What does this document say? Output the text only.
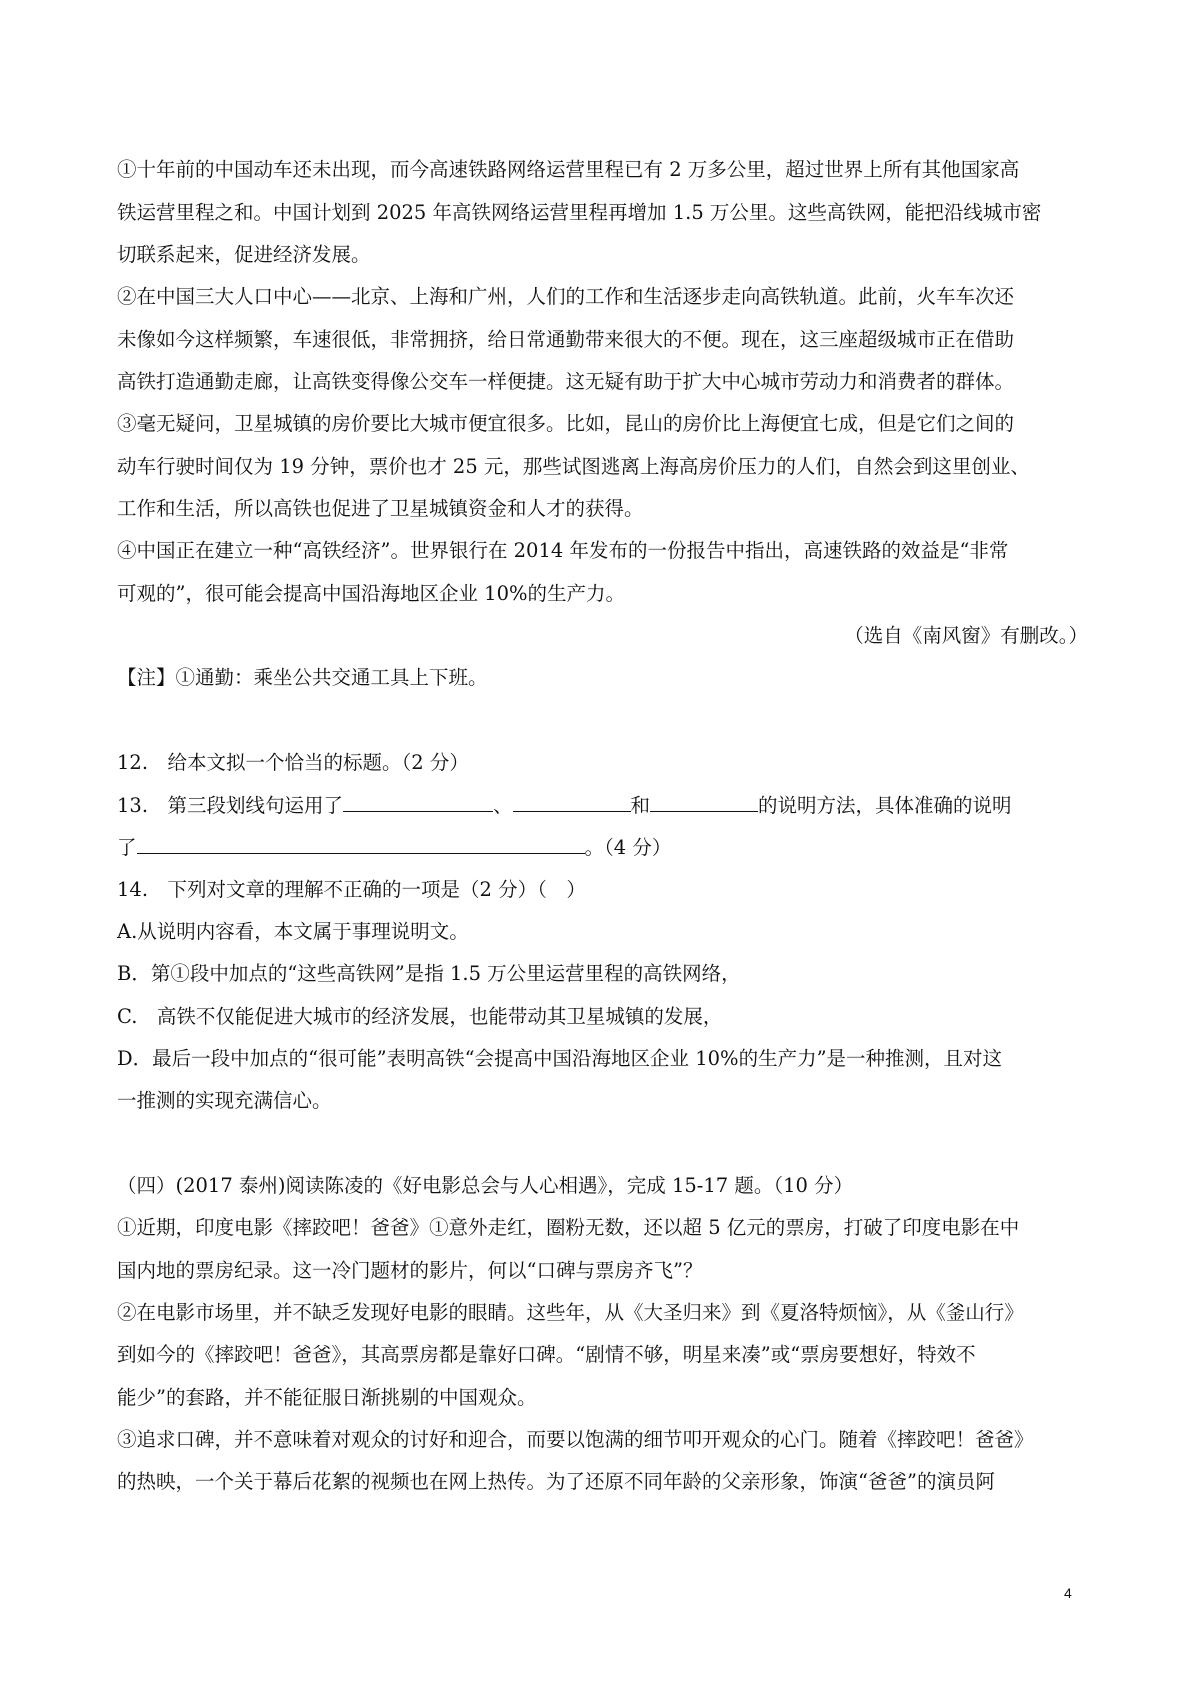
①十年前的中国动车还未出现，而今高速铁路网络运营里程已有 2 万多公里，超过世界上所有其他国家高
铁运营里程之和。中国计划到 2025 年高铁网络运营里程再增加 1.5 万公里。这些高铁网，能把沿线城市密
切联系起来，促进经济发展。
②在中国三大人口中心——北京、上海和广州，人们的工作和生活逐步走向高铁轨道。此前，火车车次还
未像如今这样频繁，车速很低，非常拥挤，给日常通勤带来很大的不便。现在，这三座超级城市正在借助
高铁打造通勤走廊，让高铁变得像公交车一样便捷。这无疑有助于扩大中心城市劳动力和消费者的群体。
③毫无疑问，卫星城镇的房价要比大城市便宜很多。比如，昆山的房价比上海便宜七成，但是它们之间的
动车行驶时间仅为 19 分钟，票价也才 25 元，那些试图逃离上海高房价压力的人们，自然会到这里创业、
工作和生活，所以高铁也促进了卫星城镇资金和人才的获得。
④中国正在建立一种“高铁经济”。世界银行在 2014 年发布的一份报告中指出，高速铁路的效益是“非常
可观的”，很可能会提高中国沿海地区企业 10%的生产力。
（选自《南风窗》有删改。）
【注】①通勤：乘坐公共交通工具上下班。
12.　给本文拟一个恰当的标题。（2 分）
13.　第三段划线句运用了	、	和	的说明方法，具体准确的说明
了	。（4 分）
14.　下列对文章的理解不正确的一项是（2 分）（　）
A.从说明内容看，本文属于事理说明文。
B．第①段中加点的“这些高铁网”是指 1.5 万公里运营里程的高铁网络，
C.　高铁不仅能促进大城市的经济发展，也能带动其卫星城镇的发展，
D．最后一段中加点的“很可能”表明高铁“会提高中国沿海地区企业 10%的生产力”是一种推测，且对这
一推测的实现充满信心。
（四）(2017 泰州)阅读陈凌的《好电影总会与人心相遇》，完成 15-17 题。（10 分）
①近期，印度电影《摔跤吧！爸爸》①意外走红，圈粉无数，还以超 5 亿元的票房，打破了印度电影在中
国内地的票房纪录。这一冷门题材的影片，何以“口碑与票房齐飞”？
②在电影市场里，并不缺乏发现好电影的眼睛。这些年，从《大圣归来》到《夏洛特烦恼》，从《釜山行》
到如今的《摔跤吧！爸爸》，其高票房都是靠好口碑。“剧情不够，明星来凑”或“票房要想好，特效不
能少”的套路，并不能征服日渐挑剔的中国观众。
③追求口碑，并不意味着对观众的讨好和迎合，而要以饱满的细节叩开观众的心门。随着《摔跤吧！爸爸》
的热映，一个关于幕后花絮的视频也在网上热传。为了还原不同年龄的父亲形象，饰演“爸爸”的演员阿
4
